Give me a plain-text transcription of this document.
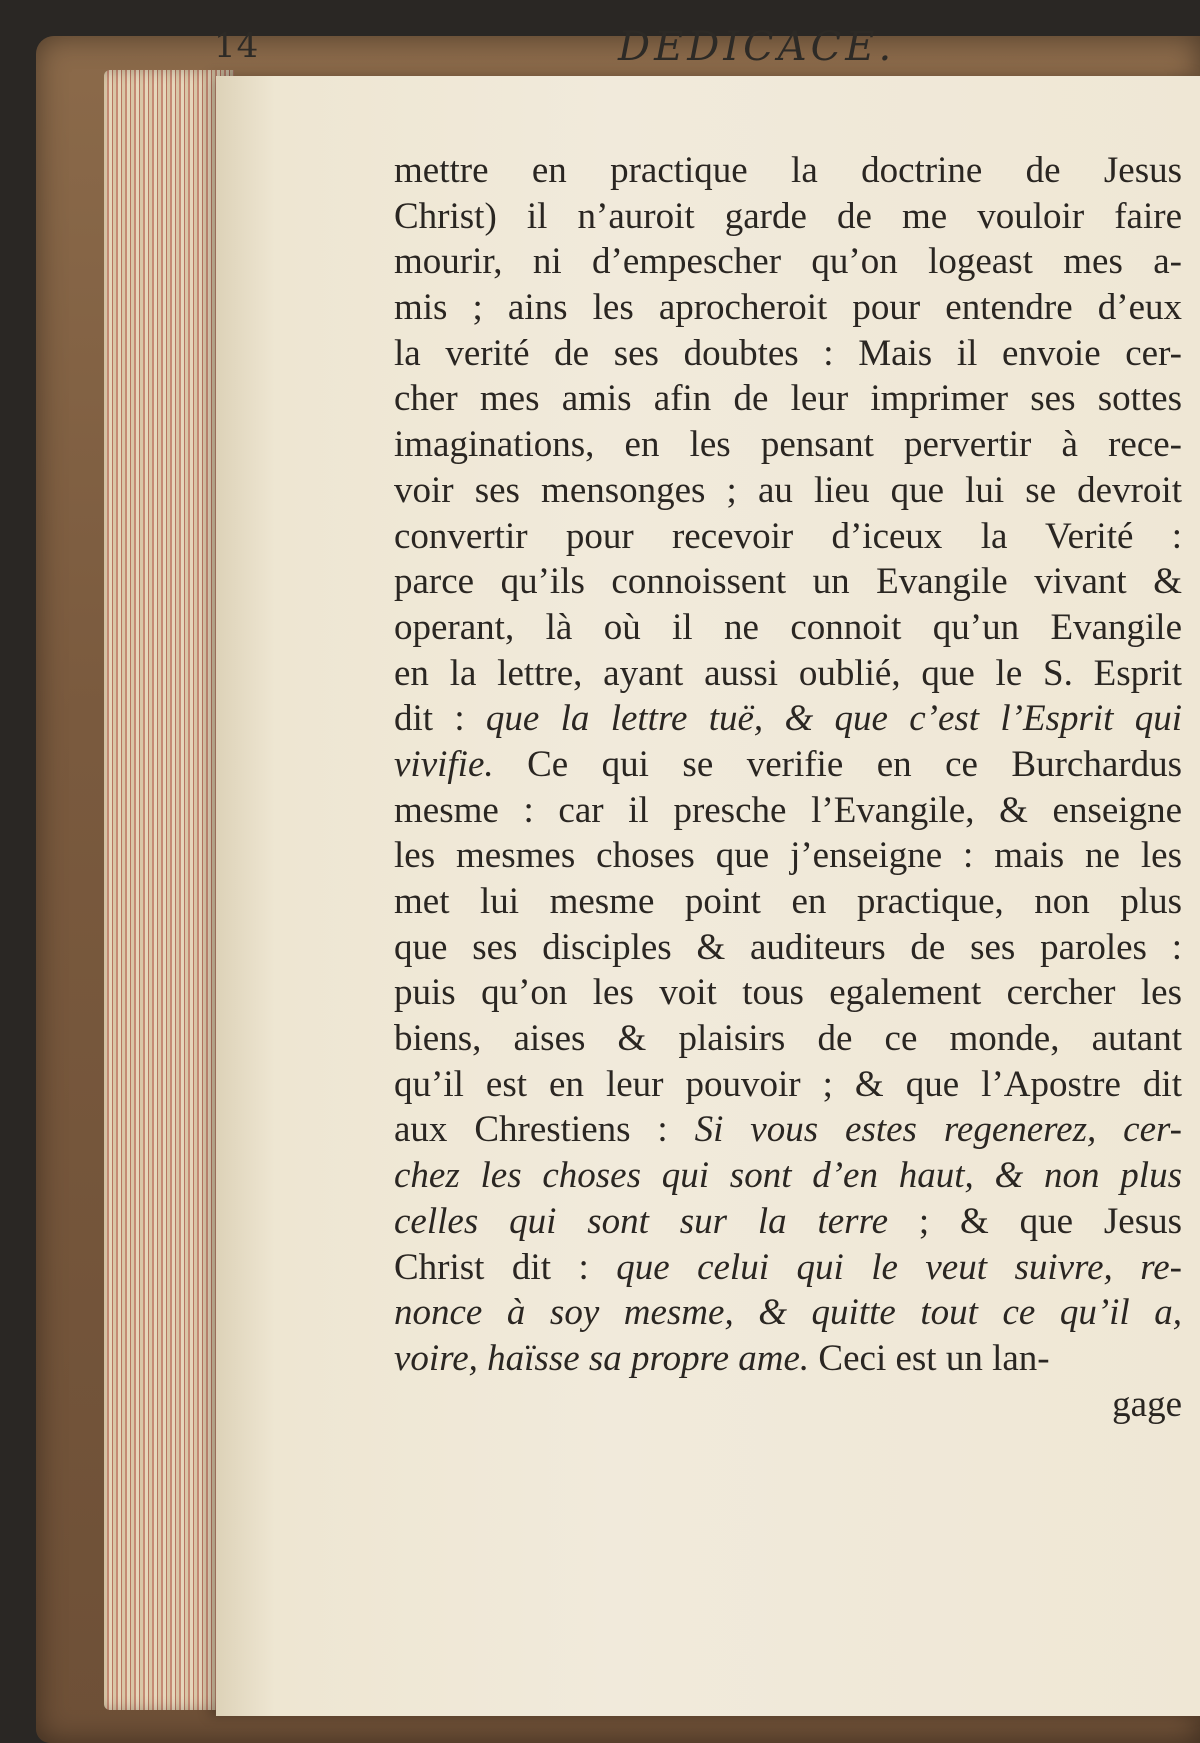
14	DEDICACE.
mettre en practique la doctrine de Jesus
Christ) il n’auroit garde de me vouloir faire
mourir, ni d’empescher qu’on logeast mes a-
mis ; ains les aprocheroit pour entendre d’eux
la verité de ses doubtes : Mais il envoie cer-
cher mes amis afin de leur imprimer ses sottes
imaginations, en les pensant pervertir à rece-
voir ses mensonges ; au lieu que lui se devroit
convertir pour recevoir d’iceux la Verité :
parce qu’ils connoissent un Evangile vivant &
operant, là où il ne connoit qu’un Evangile
en la lettre, ayant aussi oublié, que le S. Esprit
dit : que la lettre tuë, & que c’est l’Esprit qui
vivifie. Ce qui se verifie en ce Burchardus
mesme : car il presche l’Evangile, & enseigne
les mesmes choses que j’enseigne : mais ne les
met lui mesme point en practique, non plus
que ses disciples & auditeurs de ses paroles :
puis qu’on les voit tous egalement cercher les
biens, aises & plaisirs de ce monde, autant
qu’il est en leur pouvoir ; & que l’Apostre dit
aux Chrestiens : Si vous estes regenerez, cer-
chez les choses qui sont d’en haut, & non plus
celles qui sont sur la terre ; & que Jesus
Christ dit : que celui qui le veut suivre, re-
nonce à soy mesme, & quitte tout ce qu’il a,
voire, haïsse sa propre ame. Ceci est un lan-
gage
